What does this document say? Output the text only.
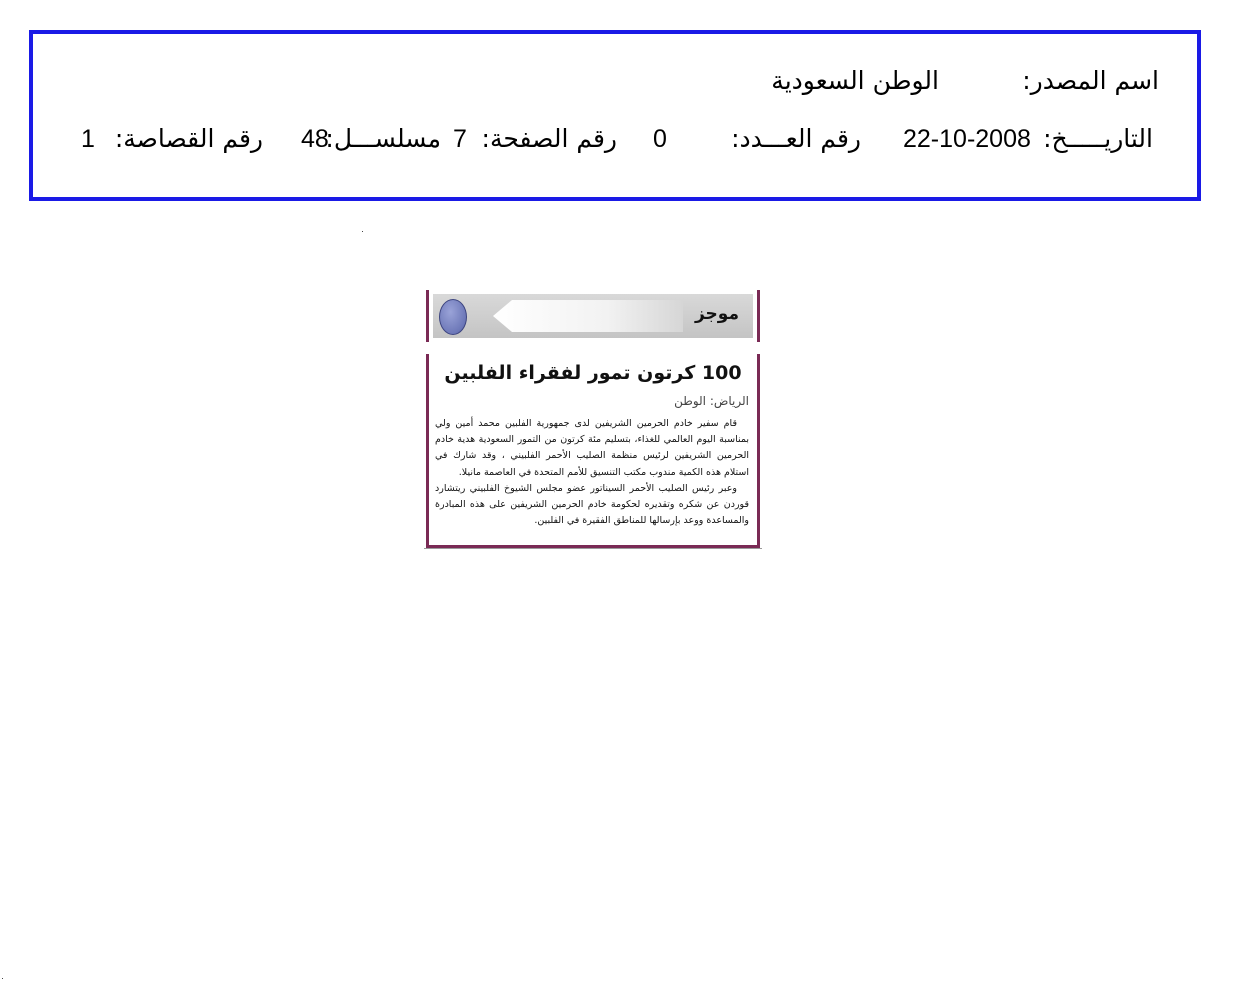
اسم المصدر:
الوطن السعودية
التاريـــــخ:
22-10-2008
رقم العـــدد:
0
رقم الصفحة:
7
مسلســـل:
48
رقم القصاصة:
1
موجز
100 كرتون تمور لفقراء الفلبين
الرياض: الوطن

قام سفير خادم الحرمين الشريفين لدى جمهورية الفلبين محمد أمين ولي بمناسبة اليوم العالمي للغذاء، بتسليم مئة كرتون من التمور السعودية هدية خادم الحرمين الشريفين لرئيس منظمة الصليب الأحمر الفلبيني ، وقد شارك في استلام هذه الكمية مندوب مكتب التنسيق للأمم المتحدة في العاصمة مانيلا.

وعبر رئيس الصليب الأحمر السيناتور عضو مجلس الشيوخ الفلبيني ريتشارد قوردن عن شكره وتقديره لحكومة خادم الحرمين الشريفين على هذه المبادرة والمساعدة ووعد بإرسالها للمناطق الفقيرة في الفلبين.
